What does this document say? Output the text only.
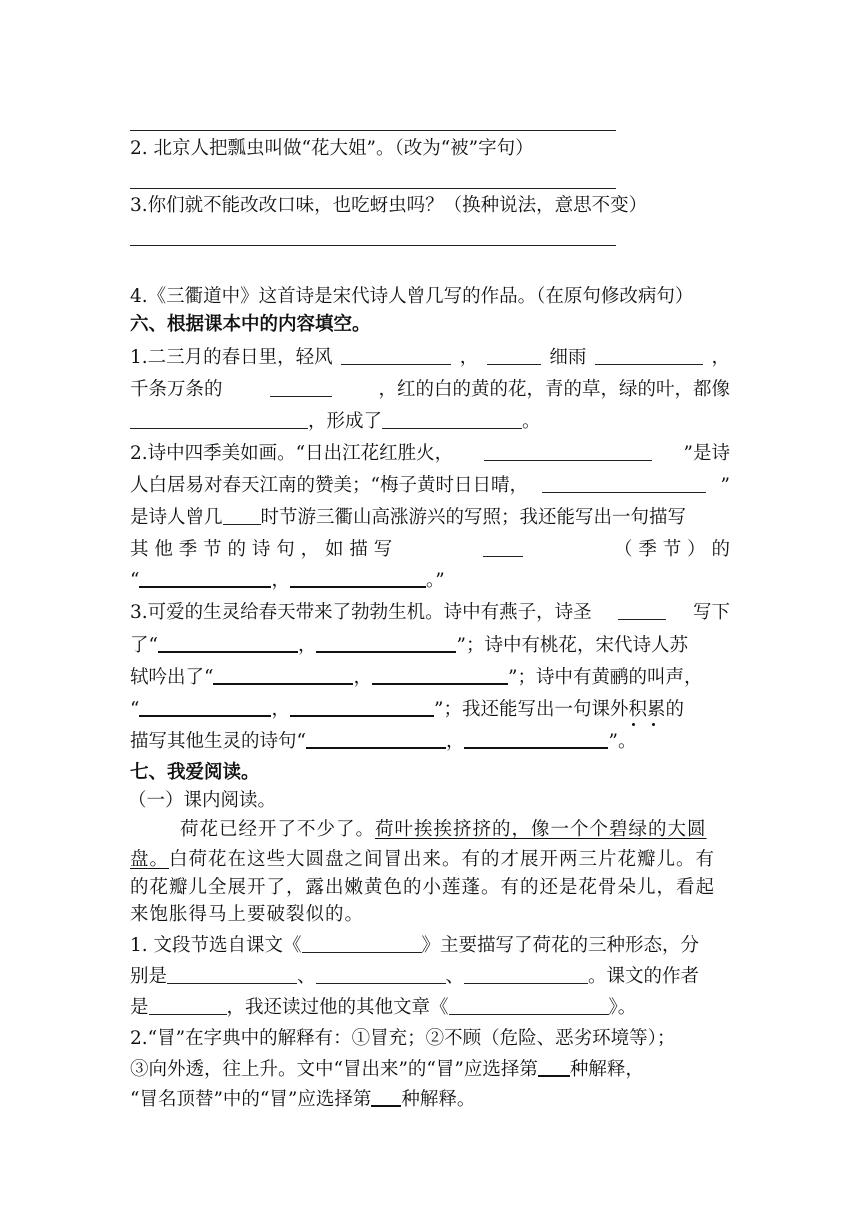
2. 北京人把瓢虫叫做“花大姐”。（改为“被”字句）
3.你们就不能改改口味，也吃蚜虫吗？（换种说法，意思不变）
4.《三衢道中》这首诗是宋代诗人曾几写的作品。（在原句修改病句）
六、根据课本中的内容填空。
1.二三月的春日里，轻风	，	细雨	，
千条万条的	，红的白的黄的花，青的草，绿的叶，都像
，形成了	。
2.诗中四季美如画。“日出江花红胜火，	”是诗
人白居易对春天江南的赞美；“梅子黄时日日晴，	”
是诗人曾几 时节游三衢山高涨游兴的写照；我还能写出一句描写
其 他 季 节 的 诗 句 ， 如 描 写	（ 季 节 ） 的
“	，	。”
3.可爱的生灵给春天带来了勃勃生机。诗中有燕子，诗圣	写下
了“	，	”；诗中有桃花，宋代诗人苏
轼吟出了“	，	”；诗中有黄鹂的叫声，
“	，	”；我还能写出一句课外积累的
描写其他生灵的诗句“	，	”。
七、我爱阅读。
（一）课内阅读。
荷花已经开了不少了。荷叶挨挨挤挤的，像一个个碧绿的大圆
盘。白荷花在这些大圆盘之间冒出来。有的才展开两三片花瓣儿。有
的花瓣儿全展开了，露出嫩黄色的小莲蓬。有的还是花骨朵儿，看起
来饱胀得马上要破裂似的。
1. 文段节选自课文《	》主要描写了荷花的三种形态，分
别是	、	、	。课文的作者
是	，我还读过他的其他文章《	》。
2.“冒”在字典中的解释有：①冒充；②不顾（危险、恶劣环境等）；
③向外透，往上升。文中“冒出来”的“冒”应选择第 种解释，
“冒名顶替”中的“冒”应选择第 种解释。
